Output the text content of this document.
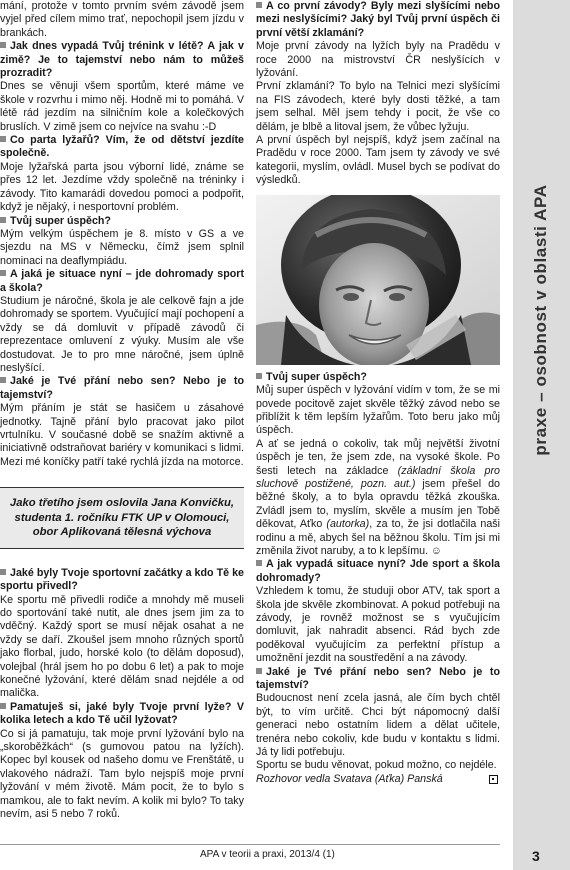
praxe – osobnost v oblasti APA

mání, protože v tomto prvním svém závodě jsem vyjel před cílem mimo trať, nepochopil jsem jízdu v brankách.

Jak dnes vypadá Tvůj trénink v létě? A jak v zimě? Je to tajemství nebo nám to můžeš prozradit?

Dnes se věnuji všem sportům, které máme ve škole v rozvrhu i mimo něj. Hodně mi to pomáhá. V létě rád jezdím na silničním kole a kolečkových bruslích. V zimě jsem co nejvíce na svahu :-D

Co parta lyžařů? Vím, že od dětství jezdíte společně.

Moje lyžařská parta jsou výborní lidé, známe se přes 12 let. Jezdíme vždy společně na tréninky i závody. Tito kamarádi dovedou pomoci a podpořit, když je nějaký, i nesportovní problém.

Tvůj super úspěch?

Mým velkým úspěchem je 8. místo v GS a ve sjezdu na MS v Německu, čímž jsem splnil nominaci na deaflympiádu.

A jaká je situace nyní – jde dohromady sport a škola?

Studium je náročné, škola je ale celkově fajn a jde dohromady se sportem. Vyučující mají pochopení a vždy se dá domluvit v případě závodů či reprezentace omluvení z výuky. Musím ale vše dostudovat. Je to pro mne náročné, jsem úplně neslyšící.

Jaké je Tvé přání nebo sen? Nebo je to tajemství?

Mým přáním je stát se hasičem u zásahové jednotky. Tajně přání bylo pracovat jako pilot vrtulníku. V současné době se snažím aktivně a iniciativně odstraňovat bariéry v komunikaci s lidmi. Mezi mé koníčky patří také rychlá jízda na motorce.

Jako třetího jsem oslovila Jana Konvičku, studenta 1. ročníku FTK UP v Olomouci, obor Aplikovaná tělesná výchova

Jaké byly Tvoje sportovní začátky a kdo Tě ke sportu přivedl?

Ke sportu mě přivedli rodiče a mnohdy mě museli do sportování také nutit, ale dnes jsem jim za to vděčný. Každý sport se musí nějak osahat a ne vždy se daří. Zkoušel jsem mnoho různých sportů jako florbal, judo, horské kolo (to dělám doposud), volejbal (hrál jsem ho po dobu 6 let) a pak to moje konečné lyžování, které dělám snad nejdéle a od malička.

Pamatuješ si, jaké byly Tvoje první lyže? V kolika letech a kdo Tě učil lyžovat?

Co si já pamatuju, tak moje první lyžování bylo na „skoroběžkách“ (s gumovou patou na lyžích). Kopec byl kousek od našeho domu ve Frenštátě, u vlakového nádraží. Tam bylo nejspíš moje první lyžování v mém životě. Mám pocit, že to bylo s mamkou, ale to fakt nevím. A kolik mi bylo? To taky nevím, asi 5 nebo 7 roků.

A co první závody? Byly mezi slyšícími nebo mezi neslyšícími? Jaký byl Tvůj první úspěch či první větší zklamání?

Moje první závody na lyžích byly na Pradědu v roce 2000 na mistrovství ČR neslyšících v lyžování.

První zklamání? To bylo na Telnici mezi slyšícími na FIS závodech, které byly dosti těžké, a tam jsem selhal. Měl jsem tehdy i pocit, že vše co dělám, je blbě a litoval jsem, že vůbec lyžuju.

A první úspěch byl nejspíš, když jsem začínal na Pradědu v roce 2000. Tam jsem ty závody ve své kategorii, myslím, ovládl. Musel bych se podívat do výsledků.

Tvůj super úspěch?

Můj super úspěch v lyžování vidím v tom, že se mi povede pocitově zajet skvěle těžký závod nebo se přiblížit k těm lepším lyžařům. Toto beru jako můj úspěch.

A ať se jedná o cokoliv, tak můj největší životní úspěch je ten, že jsem zde, na vysoké škole. Po šesti letech na základce (základní škola pro sluchově postižené, pozn. aut.) jsem přešel do běžné školy, a to byla opravdu těžká zkouška. Zvládl jsem to, myslím, skvěle a musím jen Tobě děkovat, Aťko (autorka), za to, že jsi dotlačila naši rodinu a mě, abych šel na běžnou školu. Tím jsi mi změnila život naruby, a to k lepšímu. ☺

A jak vypadá situace nyní? Jde sport a škola dohromady?

Vzhledem k tomu, že studuji obor ATV, tak sport a škola jde skvěle zkombinovat. A pokud potřebuji na závody, je rovněž možnost se s vyučujícím domluvit, jak nahradit absenci. Rád bych zde poděkoval vyučujícím za perfektní přístup a umožnění jezdit na soustředění a na závody.

Jaké je Tvé přání nebo sen? Nebo je to tajemství?

Budoucnost není zcela jasná, ale čím bych chtěl být, to vím určitě. Chci být nápomocný další generaci nebo ostatním lidem a dělat učitele, trenéra nebo cokoliv, kde budu v kontaktu s lidmi. Já ty lidi potřebuju.

Sportu se budu věnovat, pokud možno, co nejdéle.

Rozhovor vedla Svatava (Aťka) Panská

APA v teorii a praxi, 2013/4 (1)	3
